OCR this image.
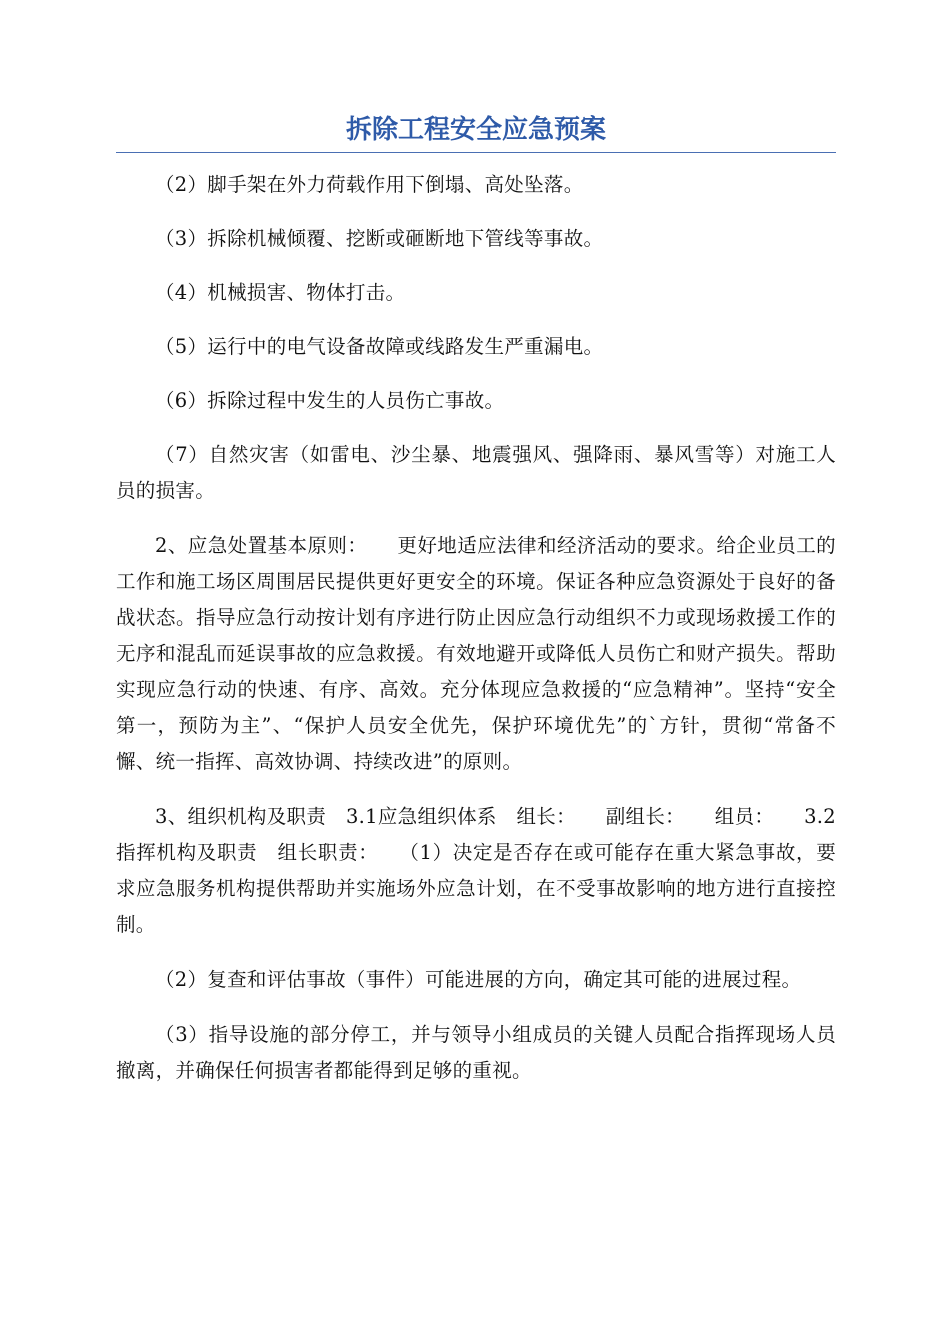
拆除工程安全应急预案

（2）脚手架在外力荷载作用下倒塌、高处坠落。

（3）拆除机械倾覆、挖断或砸断地下管线等事故。

（4）机械损害、物体打击。

（5）运行中的电气设备故障或线路发生严重漏电。

（6）拆除过程中发生的人员伤亡事故。

（7）自然灾害（如雷电、沙尘暴、地震强风、强降雨、暴风雪等）对施工人员的损害。

2、应急处置基本原则：　　更好地适应法律和经济活动的要求。给企业员工的工作和施工场区周围居民提供更好更安全的环境。保证各种应急资源处于良好的备战状态。指导应急行动按计划有序进行防止因应急行动组织不力或现场救援工作的无序和混乱而延误事故的应急救援。有效地避开或降低人员伤亡和财产损失。帮助实现应急行动的快速、有序、高效。充分体现应急救援的“应急精神”。坚持“安全第一，预防为主”、“保护人员安全优先，保护环境优先”的`方针，贯彻“常备不懈、统一指挥、高效协调、持续改进”的原则。

3、组织机构及职责　3.1应急组织体系　组长：　　副组长：　　组员：　　3.2指挥机构及职责　组长职责：　　（1）决定是否存在或可能存在重大紧急事故，要求应急服务机构提供帮助并实施场外应急计划，在不受事故影响的地方进行直接控制。

（2）复查和评估事故（事件）可能进展的方向，确定其可能的进展过程。

（3）指导设施的部分停工，并与领导小组成员的关键人员配合指挥现场人员撤离，并确保任何损害者都能得到足够的重视。
